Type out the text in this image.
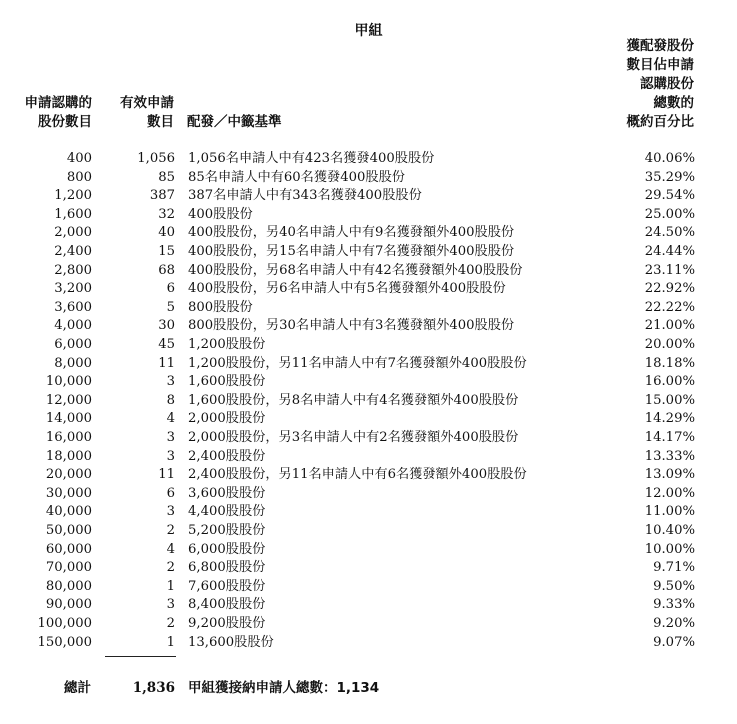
甲組
申請認購的
股份數目
有效申請
數目 配發／中籤基準
獲配發股份
數目佔申請
認購股份
總數的
概約百分比
400	1,056 1,056名申請人中有423名獲發400股股份	40.06%
800	85 85名申請人中有60名獲發400股股份	35.29%
1,200	387 387名申請人中有343名獲發400股股份	29.54%
1,600	32 400股股份	25.00%
2,000	40 400股股份，另40名申請人中有9名獲發額外400股股份	24.50%
2,400	15 400股股份，另15名申請人中有7名獲發額外400股股份	24.44%
2,800	68 400股股份，另68名申請人中有42名獲發額外400股股份	23.11%
3,200	6 400股股份，另6名申請人中有5名獲發額外400股股份	22.92%
3,600	5 800股股份	22.22%
4,000	30 800股股份，另30名申請人中有3名獲發額外400股股份	21.00%
6,000	45 1,200股股份	20.00%
8,000	11 1,200股股份，另11名申請人中有7名獲發額外400股股份	18.18%
10,000	3 1,600股股份	16.00%
12,000	8 1,600股股份，另8名申請人中有4名獲發額外400股股份	15.00%
14,000	4 2,000股股份	14.29%
16,000	3 2,000股股份，另3名申請人中有2名獲發額外400股股份	14.17%
18,000	3 2,400股股份	13.33%
20,000	11 2,400股股份，另11名申請人中有6名獲發額外400股股份	13.09%
30,000	6 3,600股股份	12.00%
40,000	3 4,400股股份	11.00%
50,000	2 5,200股股份	10.40%
60,000	4 6,000股股份	10.00%
70,000	2 6,800股股份	9.71%
80,000	1 7,600股股份	9.50%
90,000	3 8,400股股份	9.33%
100,000	2 9,200股股份	9.20%
150,000	1 13,600股股份	9.07%
總計	1,836 甲組獲接納申請人總數：1,134
